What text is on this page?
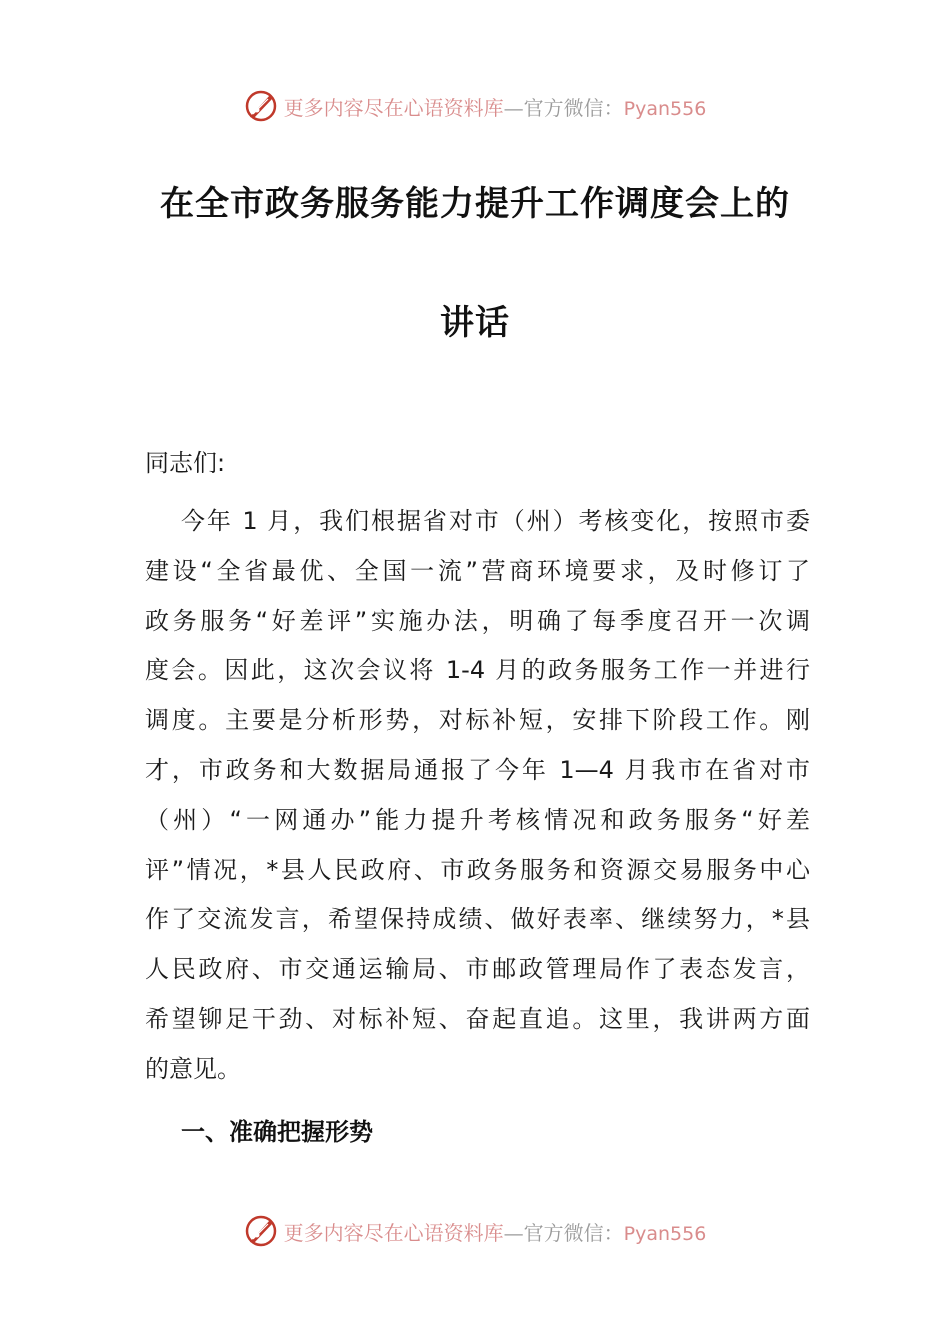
更多内容尽在心语资料库—官方微信：Pyan556
在全市政务服务能力提升工作调度会上的
讲话
同志们:
今年 1 月，我们根据省对市（州）考核变化，按照市委
建设“全省最优、全国一流”营商环境要求，及时修订了
政务服务“好差评”实施办法，明确了每季度召开一次调
度会。因此，这次会议将 1-4 月的政务服务工作一并进行
调度。主要是分析形势，对标补短，安排下阶段工作。刚
才，市政务和大数据局通报了今年 1—4 月我市在省对市
（州）“一网通办”能力提升考核情况和政务服务“好差
评”情况，*县人民政府、市政务服务和资源交易服务中心
作了交流发言，希望保持成绩、做好表率、继续努力，*县
人民政府、市交通运输局、市邮政管理局作了表态发言，
希望铆足干劲、对标补短、奋起直追。这里，我讲两方面
的意见。
一、准确把握形势
更多内容尽在心语资料库—官方微信：Pyan556
